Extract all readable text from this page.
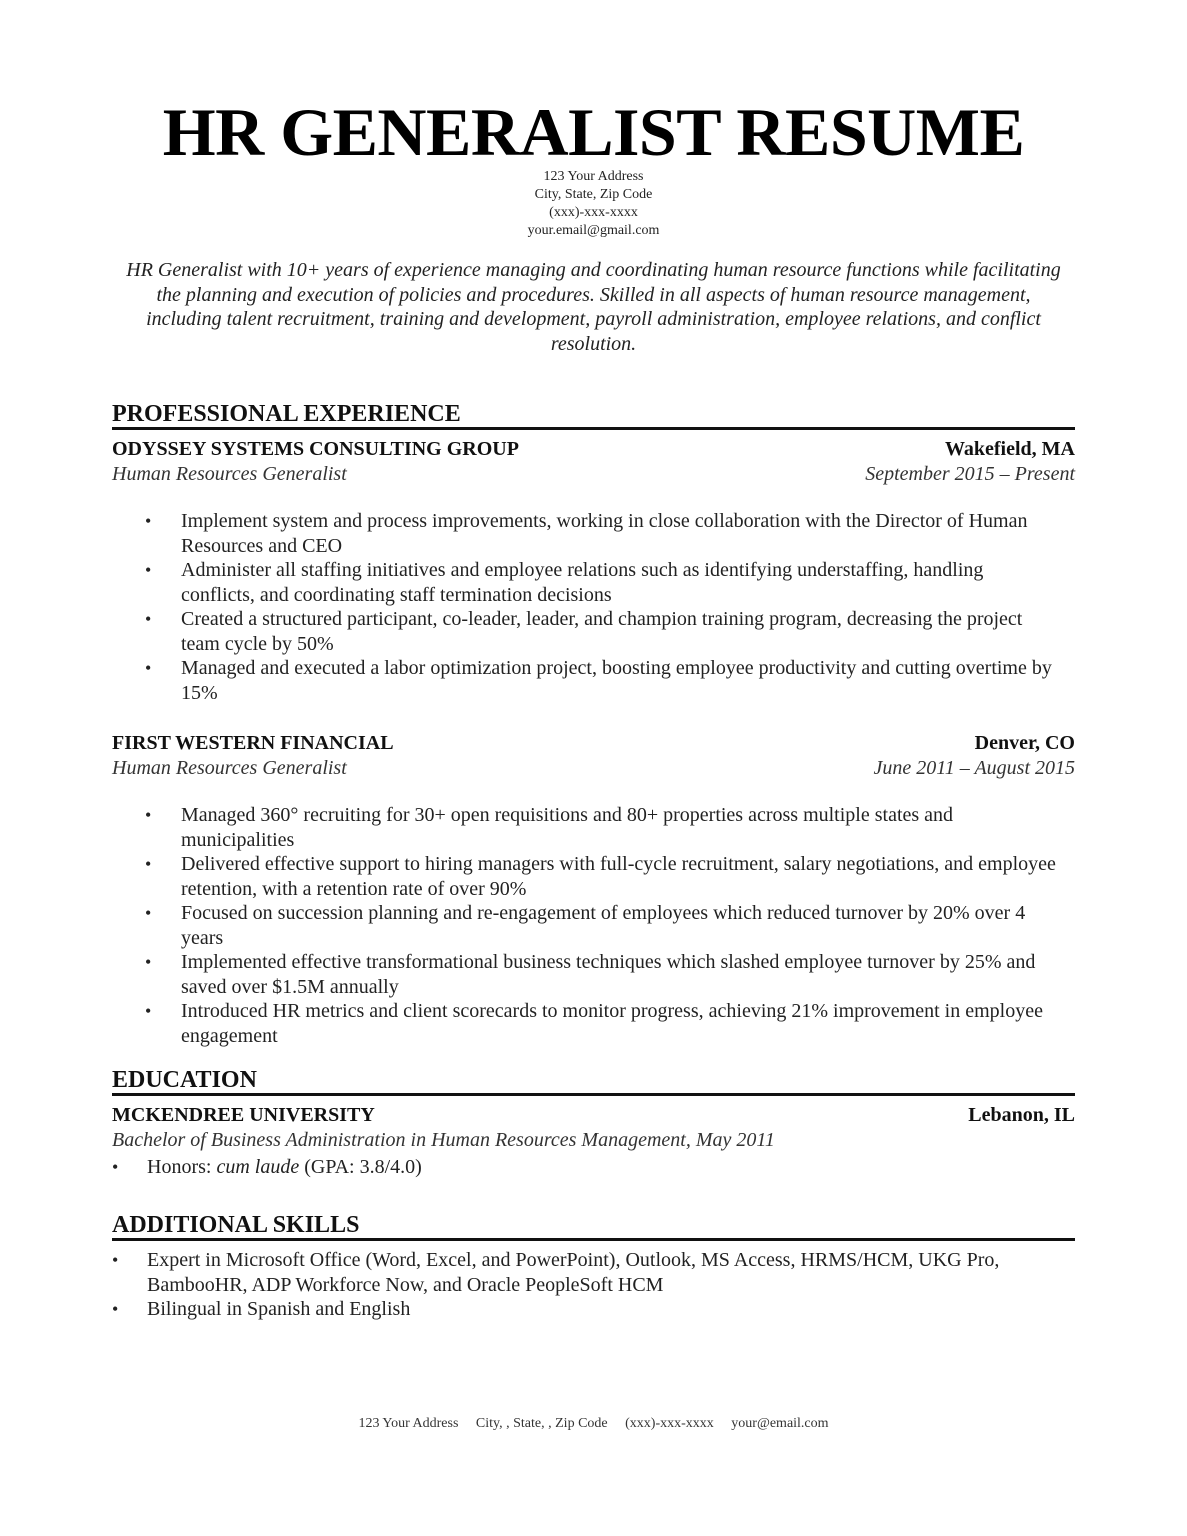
HR GENERALIST RESUME
123 Your Address
City, State, Zip Code
(xxx)-xxx-xxxx
your.email@gmail.com
HR Generalist with 10+ years of experience managing and coordinating human resource functions while facilitating the planning and execution of policies and procedures. Skilled in all aspects of human resource management, including talent recruitment, training and development, payroll administration, employee relations, and conflict resolution.
PROFESSIONAL EXPERIENCE
ODYSSEY SYSTEMS CONSULTING GROUP	Wakefield, MA
Human Resources Generalist	September 2015 – Present
• Implement system and process improvements, working in close collaboration with the Director of Human Resources and CEO
• Administer all staffing initiatives and employee relations such as identifying understaffing, handling conflicts, and coordinating staff termination decisions
• Created a structured participant, co-leader, leader, and champion training program, decreasing the project team cycle by 50%
• Managed and executed a labor optimization project, boosting employee productivity and cutting overtime by 15%
FIRST WESTERN FINANCIAL	Denver, CO
Human Resources Generalist	June 2011 – August 2015
• Managed 360° recruiting for 30+ open requisitions and 80+ properties across multiple states and municipalities
• Delivered effective support to hiring managers with full-cycle recruitment, salary negotiations, and employee retention, with a retention rate of over 90%
• Focused on succession planning and re-engagement of employees which reduced turnover by 20% over 4 years
• Implemented effective transformational business techniques which slashed employee turnover by 25% and saved over $1.5M annually
• Introduced HR metrics and client scorecards to monitor progress, achieving 21% improvement in employee engagement
EDUCATION
MCKENDREE UNIVERSITY	Lebanon, IL
Bachelor of Business Administration in Human Resources Management, May 2011
• Honors: cum laude (GPA: 3.8/4.0)
ADDITIONAL SKILLS
• Expert in Microsoft Office (Word, Excel, and PowerPoint), Outlook, MS Access, HRMS/HCM, UKG Pro, BambooHR, ADP Workforce Now, and Oracle PeopleSoft HCM
• Bilingual in Spanish and English
123 Your Address City, , State, , Zip Code (xxx)-xxx-xxxx your@email.com
